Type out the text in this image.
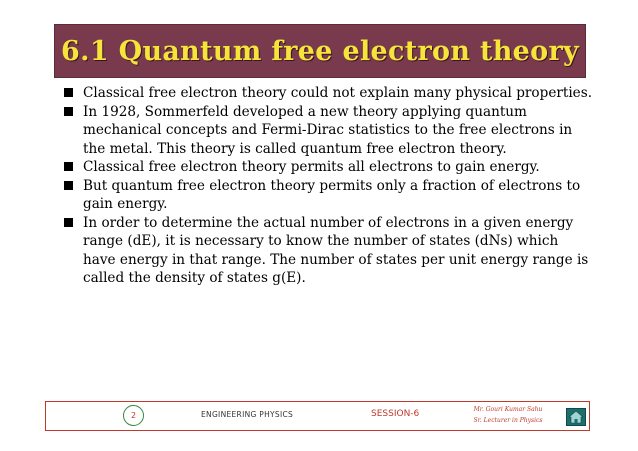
6.1 Quantum free electron theory
Classical free electron theory could not explain many physical properties.
In 1928, Sommerfeld developed a new theory applying quantum mechanical concepts and Fermi-Dirac statistics to the free electrons in the metal. This theory is called quantum free electron theory.
Classical free electron theory permits all electrons to gain energy.
But quantum free electron theory permits only a fraction of electrons to gain energy.
In order to determine the actual number of electrons in a given energy range (dE), it is necessary to know the number of states (dNs) which have energy in that range. The number of states per unit energy range is called the density of states g(E).
2	ENGINEERING PHYSICS	SESSION-6	Mr. Gouri Kumar Sahu
Sr. Lecturer in Physics
